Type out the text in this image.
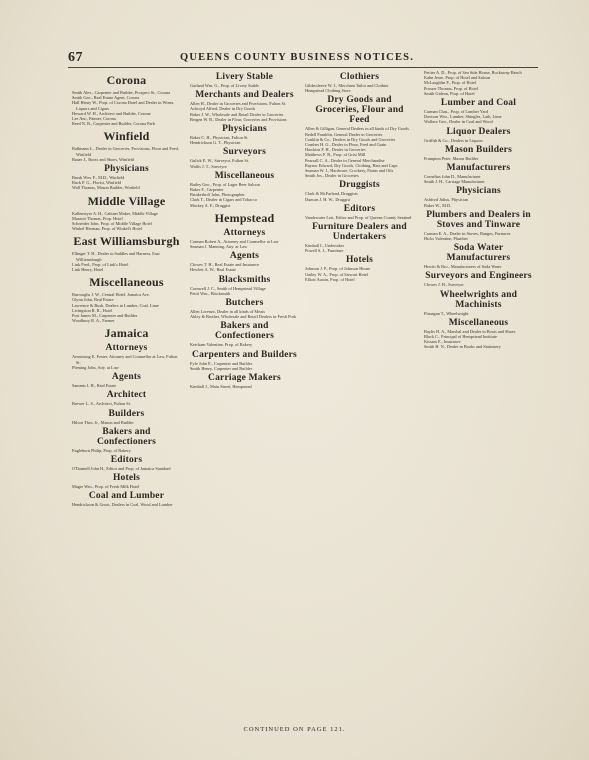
67	QUEENS COUNTY BUSINESS NOTICES.
Corona

Smith Alex., Carpenter and Builder, Prospect St., Corona

Smith Geo., Real Estate Agent, Corona

Hall Henry W., Prop. of Corona Hotel and Dealer in Wines, Liquors and Cigars

Howard W. H., Architect and Builder, Corona

Lee Ant., Painter, Corona

Reed N. B., Carpenter and Builder, Corona Park

Winfield

Ballmann L., Dealer in Groceries, Provisions, Flour and Feed, Winfield

Bauer J., Boots and Shoes, Winfield

Physicians

Brush Wm. F., M.D., Winfield

Buck F. G., Florist, Winfield

Wall Thomas, Mason Builder, Winfield

Middle Village

Kallemeyer A. H., Cabinet Maker, Middle Village

Maszott Thomas, Prop. Hotel

Schneider John, Prop. of Middle Village Hotel

Winkel Herman, Prop. of Winkel's Hotel

East Williamsburgh

Ellinger T. H., Dealer in Saddles and Harness, East Williamsburgh

Link Fred., Prop. of Link's Hotel

Link Henry, Hotel

Miscellaneous

Burroughs J. W., Central Hotel, Jamaica Ave.

Glynn John, Real Estate

Lawrence & Bush, Dealers in Lumber, Coal, Lime

Livingston R. R., Hotel

Post James M., Carpenter and Builder

Woodbury R. A., Farmer

Jamaica
Attorneys

Armstrong E. Foster, Attorney and Counsellor at Law, Fulton St.

Fleming John, Atty. at Law

Agents

Sammis I. H., Real Estate

Architect

Brewer L. S., Architect, Fulton St.

Builders

Hilton Thos. Jr., Mason and Builder

Bakers and Confectioners

Englehorn Philip, Prop. of Bakery

Editors

O'Donnell John H., Editor and Prop. of Jamaica Standard

Hotels

Mager Wm., Prop. of Fresh Milk Hotel

Coal and Lumber

Hendrickson & Groot, Dealers in Coal, Wood and Lumber

Livery Stable

Garland Wm. G., Prop. of Livery Stable

Merchants and Dealers

Allen H., Dealer in Groceries and Provisions, Fulton St.

Ackroyd Alfred, Dealer in Dry Goods

Baker J. W., Wholesale and Retail Dealer in Groceries

Bergen W. B., Dealer in Flour, Groceries and Provisions

Physicians

Baker C. H., Physician, Fulton St.

Hendrickson G. T., Physician

Surveyors

Gulick E. W., Surveyor, Fulton St.

Wallis J. T., Surveyor

Miscellaneous

Bailey Geo., Prop. of Lager Beer Saloon

Baker F., Carpenter

Brinkerhoff John, Photographer

Clark T., Dealer in Cigars and Tobacco

Mackey A. F., Druggist

Hempstead
Attorneys

Carman Robert A., Attorney and Counsellor at Law

Seaman J. Manning, Atty. at Law

Agents

Clowes T. H., Real Estate and Insurance

Hewlett A. W., Real Estate

Blacksmiths

Cornwell J. C., Smith of Hempstead Village

Pettit Wm., Blacksmith

Butchers

Allen Lorenzo, Dealer in all kinds of Meats

Akley & Brother, Wholesale and Retail Dealers in Fresh Pork

Bakers and Confectioners

Ketcham Valentine, Prop. of Bakery

Carpenters and Builders

Fyfe John E., Carpenter and Builder

Smith Henry, Carpenter and Builder

Carriage Makers

Kimball J., Main Street, Hempstead

Clothiers

Gildersleeve W. J., Merchant Tailor and Clothier

Hempstead Clothing Store

Dry Goods and Groceries, Flour and Feed

Allen & Gilligan, General Dealers in all kinds of Dry Goods

Bedell Franklin, General Dealer in Groceries

Conklin & Co., Dealers in Dry Goods and Groceries

Combes H. G., Dealer in Flour, Feed and Grain

Hawkins F. H., Dealer in Groceries

Matthews F. B., Prop. of Grist Mill

Pearsall C. A., Dealer in General Merchandise

Raynor Edward, Dry Goods, Clothing, Hats and Caps

Seaman W. J., Hardware, Crockery, Paints and Oils

Smith Jos., Dealer in Groceries

Druggists

Clark & McFarland, Druggists

Duncan J. H. W., Druggist

Editors

Vandewater Lott, Editor and Prop. of Queens County Sentinel

Furniture Dealers and Undertakers

Kimball I., Undertaker

Powell S. J., Furniture

Hotels

Johnson J. P., Prop. of Johnson House

Oatley W. A., Prop. of Stewart Hotel

Elliott Austin, Prop. of Hotel

Pettier A. D., Prop. of Sea Side House, Rockaway Beach

Kahn Jesse, Prop. of Hotel and Saloon

McLaughlin F., Prop. of Hotel

Prosser Thomas, Prop. of Hotel

Smith Gideon, Prop. of Hotel

Lumber and Coal

Carman Chas., Prop. of Lumber Yard

Davison Wm., Lumber, Shingles, Lath, Lime

Wallace Geo., Dealer in Coal and Wood

Liquor Dealers

Griffith & Co., Dealers in Liquors

Mason Builders

Frampton Peter, Mason Builder

Manufacturers

Cornelius John D., Manufacturer

Smith J. H., Carriage Manufacturer

Physicians

Ashford Julius, Physician

Baker W., M.D.

Plumbers and Dealers in Stoves and Tinware

Carman E. A., Dealer in Stoves, Ranges, Furnaces

Hicks Valentine, Plumber

Soda Water Manufacturers

Hewitt & Bro., Manufacturers of Soda Water

Surveyors and Engineers

Clowes J. H., Surveyor

Wheelwrights and Machinists

Flanagan T., Wheelwright

Miscellaneous

Baylis H. A., Marshal and Dealer in Boots and Shoes

Black C., Principal of Hempstead Institute

Kissam E., Insurance

Smith H. N., Dealer in Books and Stationery

CONTINUED ON PAGE 121.
